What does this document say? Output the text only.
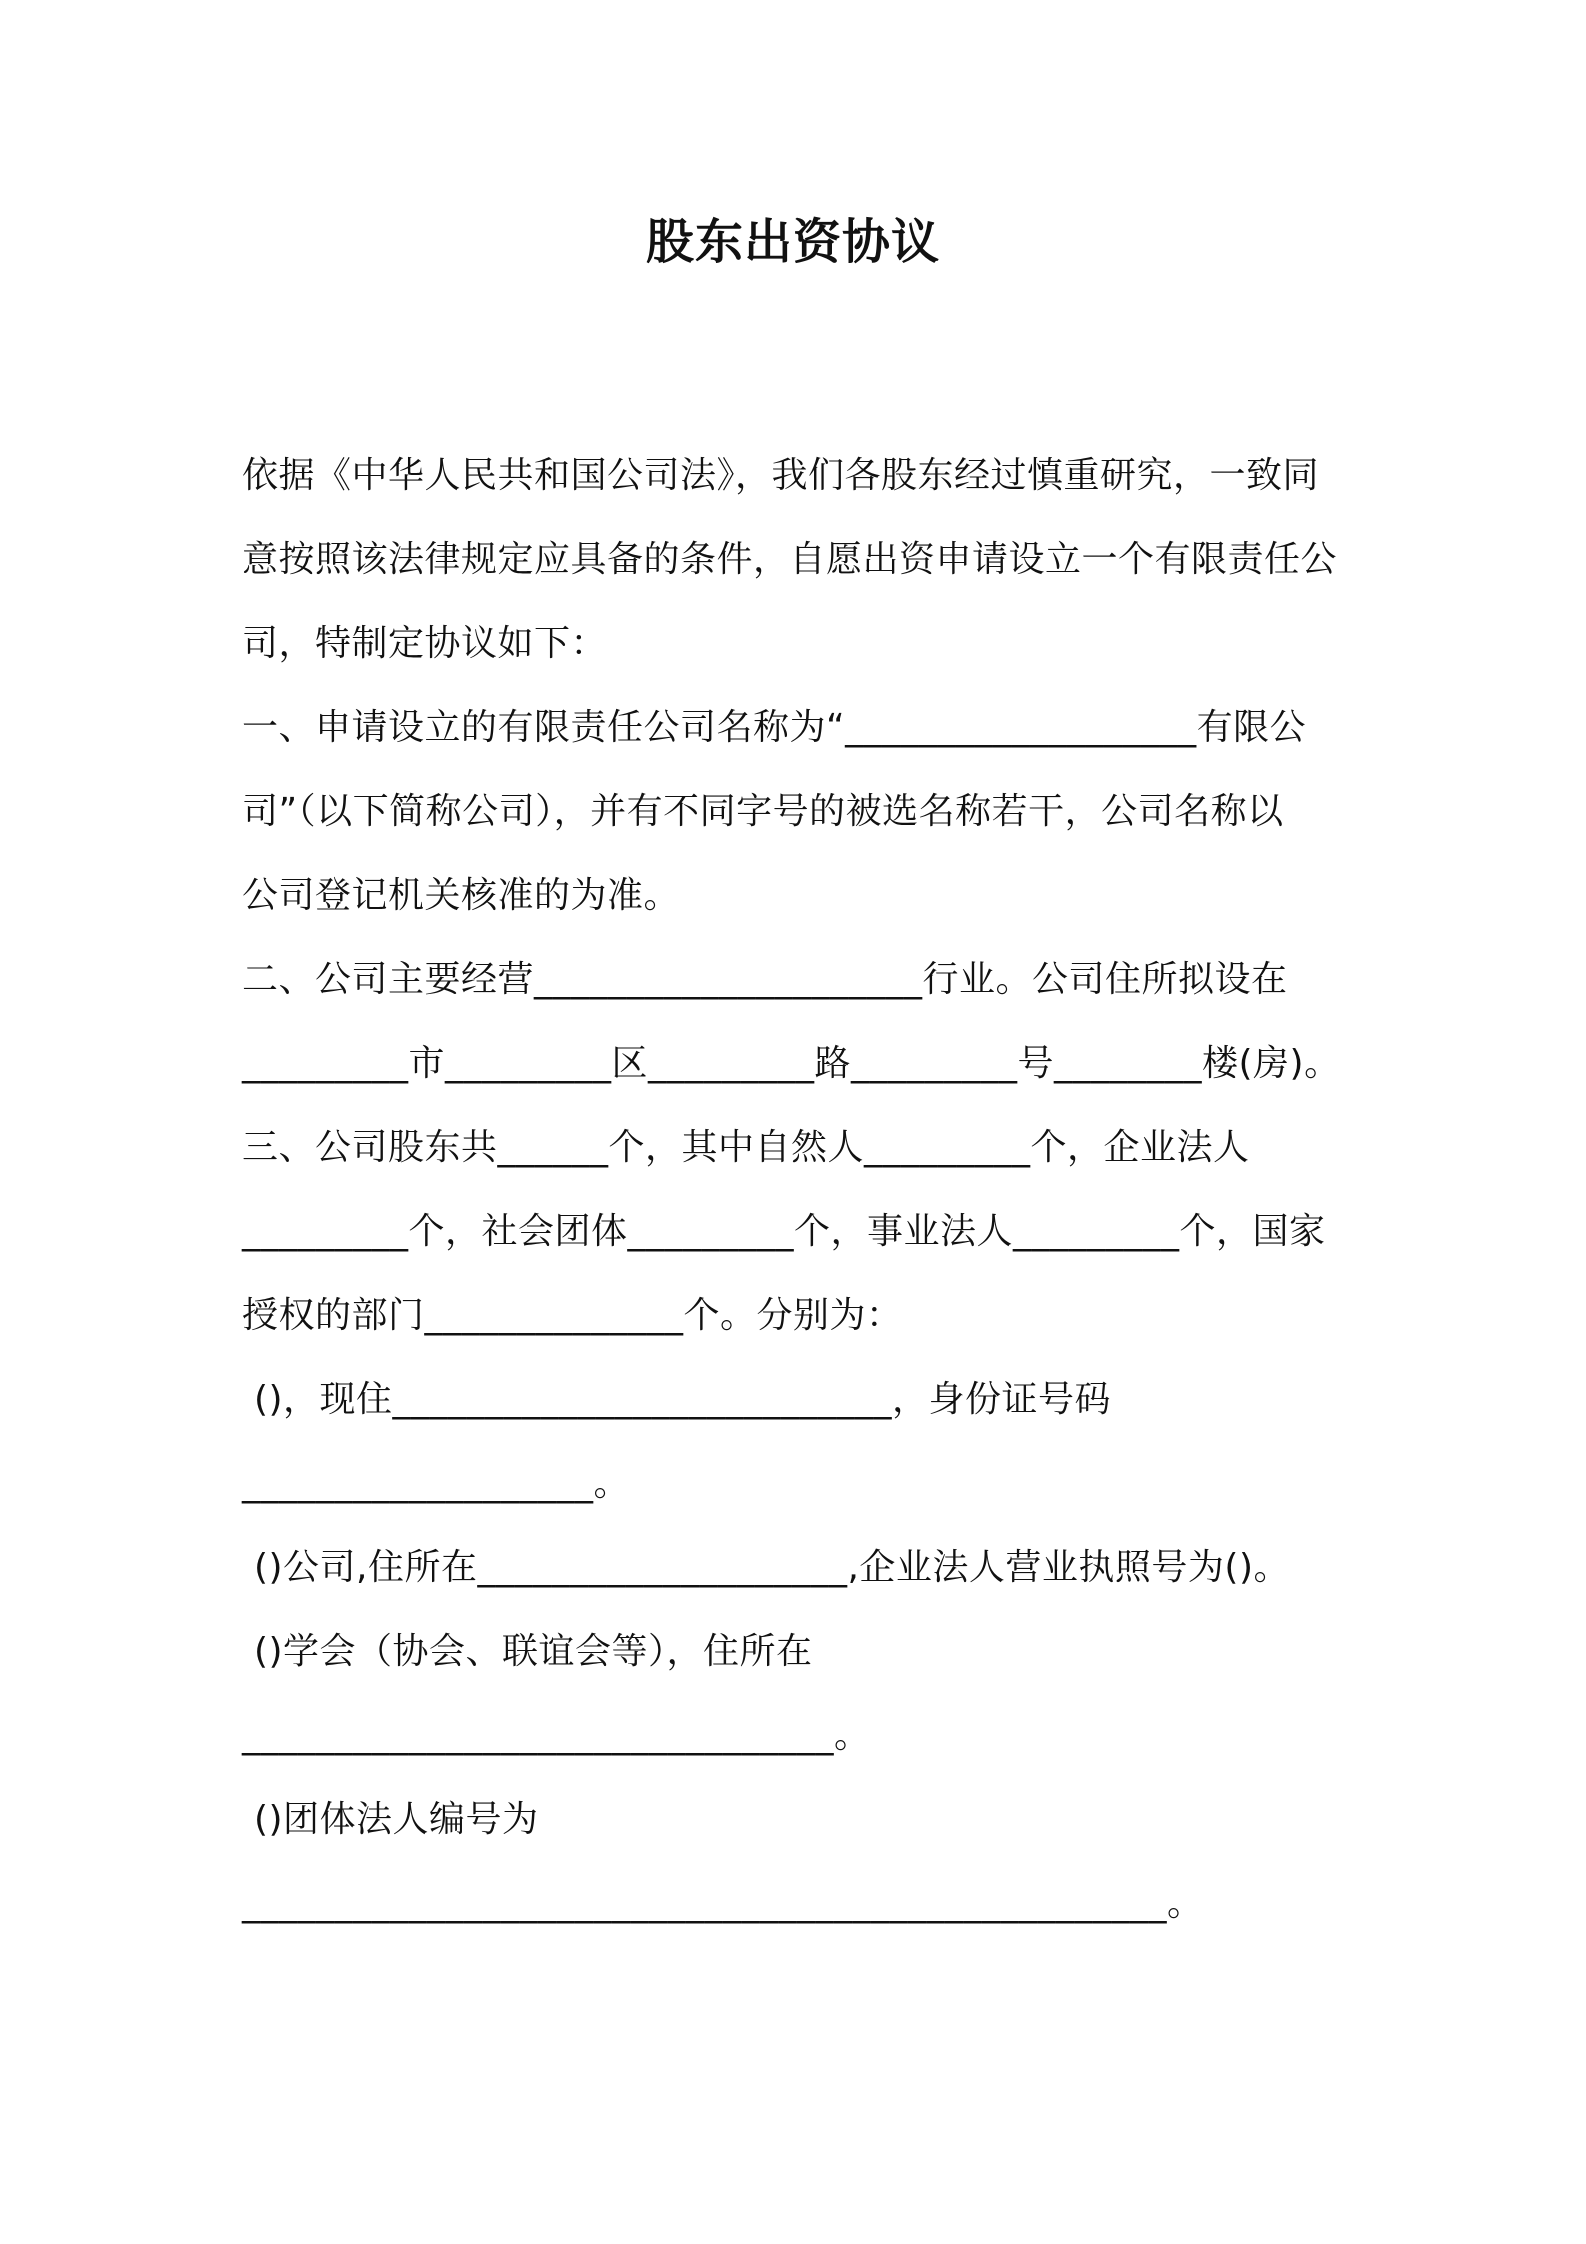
股东出资协议
依据《中华人民共和国公司法》，我们各股东经过慎重研究，一致同
意按照该法律规定应具备的条件，自愿出资申请设立一个有限责任公
司，特制定协议如下：
一、申请设立的有限责任公司名称为“___________________有限公
司”（以下简称公司），并有不同字号的被选名称若干，公司名称以
公司登记机关核准的为准。
二、公司主要经营_____________________行业。公司住所拟设在
_________市_________区_________路_________号________楼(房)。
三、公司股东共______个，其中自然人_________个，企业法人
_________个，社会团体_________个，事业法人_________个，国家
授权的部门______________个。分别为：
()，现住___________________________，身份证号码
___________________。
()公司,住所在____________________,企业法人营业执照号为()。
()学会（协会、联谊会等），住所在
________________________________。
()团体法人编号为
__________________________________________________。
